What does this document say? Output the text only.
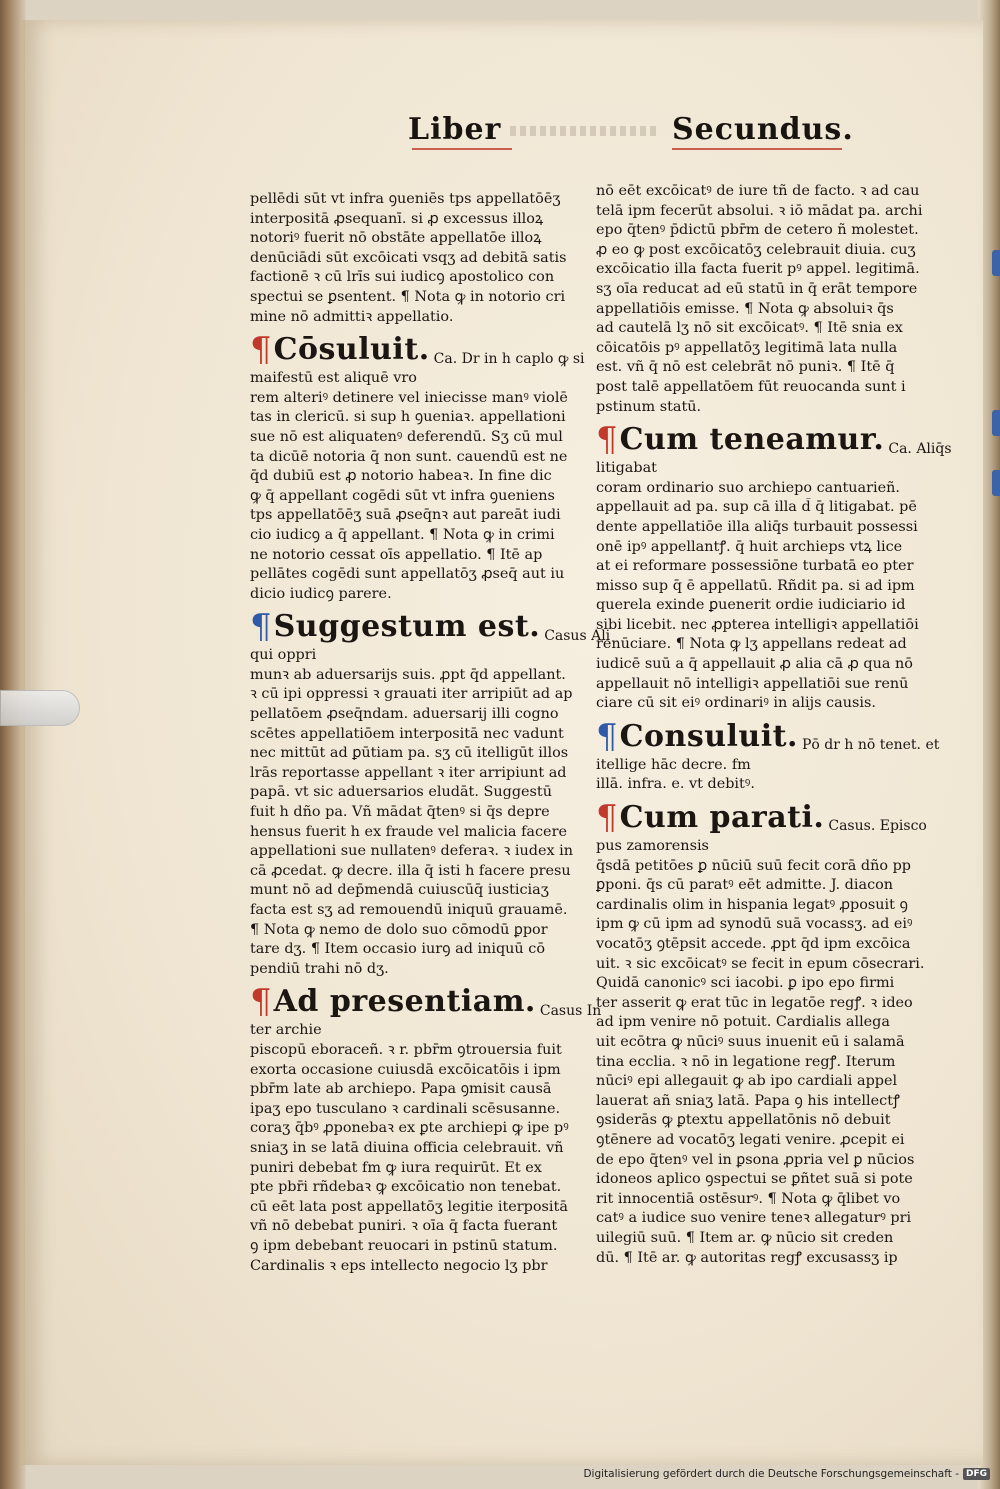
Liber	Secundus.
pellēdi sūt vt infra ꝯueniēs tps appellatōēʒ
interpositā ꝓsequanī. si ꝓ excessus illoꝝ
notoriꝰ fuerit nō obstāte appellatōe illoꝝ
denūciādi sūt excōicati vsqʒ ad debitā satis
factionē ꝛ cū lrīs sui iudicꝯ apostolico con
spectui se ꝑsentent. ¶ Nota ꝙ in notorio cri
mine nō admittiꝛ appellatio.
¶ Cōsuluit. Ca. Dr in h caplo ꝙ si
maifestū est aliquē vro
rem alteriꝰ detinere vel iniecisse manꝰ violē
tas in clericū. si sup h ꝯueniaꝛ. appellationi
sue nō est aliquatenꝰ deferendū. Sʒ cū mul
ta dicūē notoria q̄ non sunt. cauendū est ne
q̄d dubiū est ꝓ notorio habeaꝛ. In fine dic
ꝙ q̄ appellant cogēdi sūt vt infra ꝯueniens
tps appellatōēʒ suā ꝓseq̄nꝛ aut pareāt iudi
cio iudicꝯ a q̄ appellant. ¶ Nota ꝙ in crimi
ne notorio cessat oīs appellatio. ¶ Itē ap
pellātes cogēdi sunt appellatōʒ ꝓseq̄ aut iu
dicio iudicꝯ parere.
¶ Suggestum est. Casus Ali
qui oppri
munꝛ ab aduersarijs suis. ꝓpt q̄d appellant.
ꝛ cū ipi oppressi ꝛ grauati iter arripiūt ad ap
pellatōem ꝓseq̄ndam. aduersarij illi cogno
scētes appellatiōem interpositā nec vadunt
nec mittūt ad ꝑūtiam pa. sʒ cū itelligūt illos
lrās reportasse appellant ꝛ iter arripiunt ad
papā. vt sic aduersarios eludāt. Suggestū
fuit h dño pa. Vñ mādat q̄tenꝰ si q̄s depre
hensus fuerit h ex fraude vel malicia facere
appellationi sue nullatenꝰ deferaꝛ. ꝛ iudex in
cā ꝓcedat. ꝙ decre. illa q̄ isti h facere presu
munt nō ad dep̄mendā cuiuscūq̄ iusticiaʒ
facta est sʒ ad remouendū iniquū grauamē.
¶ Nota ꝙ nemo de dolo suo cōmodū ꝑpor
tare dʒ. ¶ Item occasio iurꝯ ad iniquū cō
pendiū trahi nō dʒ.
¶ Ad presentiam. Casus In
ter archie
piscopū eboraceñ. ꝛ r. pbr̄m ꝯtrouersia fuit
exorta occasione cuiusdā excōicatōis i ipm
pbr̄m late ab archiepo. Papa ꝯmisit causā
ipaʒ epo tusculano ꝛ cardinali scēsusanne.
coraʒ q̄bꝰ ꝓponebaꝛ ex ꝑte archiepi ꝙ ipe pꝰ
sniaʒ in se latā diuina officia celebrauit. vñ
puniri debebat fm ꝙ iura requirūt. Et ex
pte pbr̄i rñdebaꝛ ꝙ excōicatio non tenebat.
cū eēt lata post appellatōʒ legitie iterpositā
vñ nō debebat puniri. ꝛ oīa q̄ facta fuerant
ꝯ ipm debebant reuocari in pstinū statum.
Cardinalis ꝛ eps intellecto negocio lʒ pbr
nō eēt excōicatꝰ de iure tñ de facto. ꝛ ad cau
telā ipm fecerūt absolui. ꝛ iō mādat pa. archi
epo q̄tenꝰ p̄dictū pbr̄m de cetero ñ molestet.
ꝓ eo ꝙ post excōicatōʒ celebrauit diuia. cuʒ
excōicatio illa facta fuerit pꝰ appel. legitimā.
sʒ oīa reducat ad eū statū in q̄ erāt tempore
appellatiōis emisse. ¶ Nota ꝙ absoluiꝛ q̄s
ad cautelā lʒ nō sit excōicatꝰ. ¶ Itē snia ex
cōicatōis pꝰ appellatōʒ legitimā lata nulla
est. vñ q̄ nō est celebrāt nō puniꝛ. ¶ Itē q̄
post talē appellatōem fūt reuocanda sunt i
pstinum statū.
¶ Cum teneamur. Ca. Aliq̄s
litigabat
coram ordinario suo archiepo cantuarieñ.
appellauit ad pa. sup cā illa d̄ q̄ litigabat. pē
dente appellatiōe illa aliq̄s turbauit possessi
onē ipꝰ appellantꝭ. q̄ huit archieps vtꝝ lice
at ei reformare possessiōne turbatā eo pter
misso sup q̄ ē appellatū. Rñdit pa. si ad ipm
querela exinde ꝑuenerit ordie iudiciario id
sibi licebit. nec ꝓpterea intelligiꝛ appellatiōi
renūciare. ¶ Nota ꝙ lʒ appellans redeat ad
iudicē suū a q̄ appellauit ꝓ alia cā ꝓ qua nō
appellauit nō intelligiꝛ appellatiōi sue renū
ciare cū sit eiꝰ ordinariꝰ in alijs causis.
¶ Consuluit. Pō dr h nō tenet. et
itellige hāc decre. fm
illā. infra. e. vt debitꝰ.
¶ Cum parati. Casus. Episco
pus zamorensis
q̄sdā petitōes ꝑ nūciū suū fecit corā dño pp
ꝑponi. q̄s cū paratꝰ eēt admitte. J. diacon
cardinalis olim in hispania legatꝰ ꝓposuit ꝯ
ipm ꝙ cū ipm ad synodū suā vocassʒ. ad eiꝰ
vocatōʒ ꝯtēpsit accede. ꝓpt q̄d ipm excōica
uit. ꝛ sic excōicatꝰ se fecit in epum cōsecrari.
Quidā canonicꝰ sci iacobi. ꝑ ipo epo firmi
ter asserit ꝙ erat tūc in legatōe regꝭ. ꝛ ideo
ad ipm venire nō potuit. Cardialis allega
uit ecōtra ꝙ nūciꝰ suus inuenit eū i salamā
tina ecclia. ꝛ nō in legatione regꝭ. Iterum
nūciꝰ epi allegauit ꝙ ab ipo cardiali appel
lauerat añ sniaʒ latā. Papa ꝯ his intellectꝭ
ꝯsiderās ꝙ ꝑtextu appellatōnis nō debuit
ꝯtēnere ad vocatōʒ legati venire. ꝓcepit ei
de epo q̄tenꝰ vel in ꝑsona ꝓpria vel ꝑ nūcios
idoneos aplico ꝯspectui se ꝑñtet suā si pote
rit innocentiā ostēsurꝰ. ¶ Nota ꝙ q̄libet vo
catꝰ a iudice suo venire teneꝛ allegaturꝰ pri
uilegiū suū. ¶ Item ar. ꝙ nūcio sit creden
dū. ¶ Itē ar. ꝙ autoritas regꝭ excusassʒ ip
Digitalisierung gefördert durch die Deutsche Forschungsgemeinschaft - DFG
